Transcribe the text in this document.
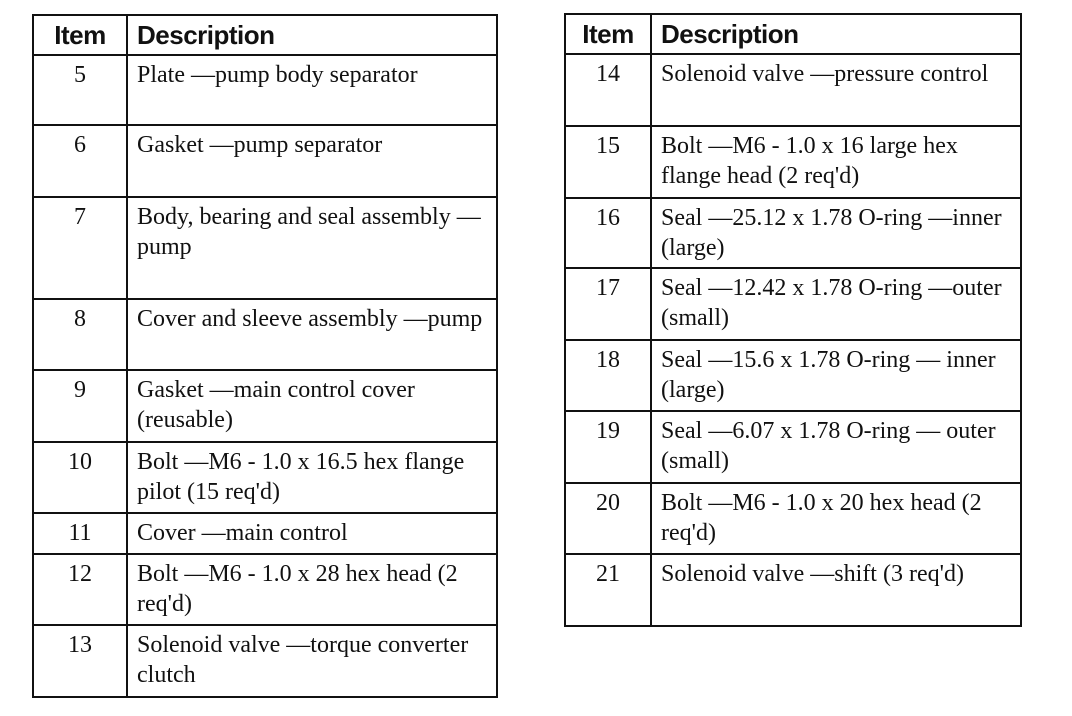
Item	Description
5	Plate —pump body separator
6	Gasket —pump separator
7	Body, bearing and seal assembly —pump
8	Cover and sleeve assembly —pump
9	Gasket —main control cover (reusable)
10	Bolt —M6 - 1.0 x 16.5 hex flange pilot (15 req'd)
11	Cover —main control
12	Bolt —M6 - 1.0 x 28 hex head (2 req'd)
13	Solenoid valve —torque converter clutch
Item	Description
14	Solenoid valve —pressure control
15	Bolt —M6 - 1.0 x 16 large hex flange head (2 req'd)
16	Seal —25.12 x 1.78 O-ring —inner (large)
17	Seal —12.42 x 1.78 O-ring —outer (small)
18	Seal —15.6 x 1.78 O-ring — inner (large)
19	Seal —6.07 x 1.78 O-ring — outer (small)
20	Bolt —M6 - 1.0 x 20 hex head (2 req'd)
21	Solenoid valve —shift (3 req'd)
